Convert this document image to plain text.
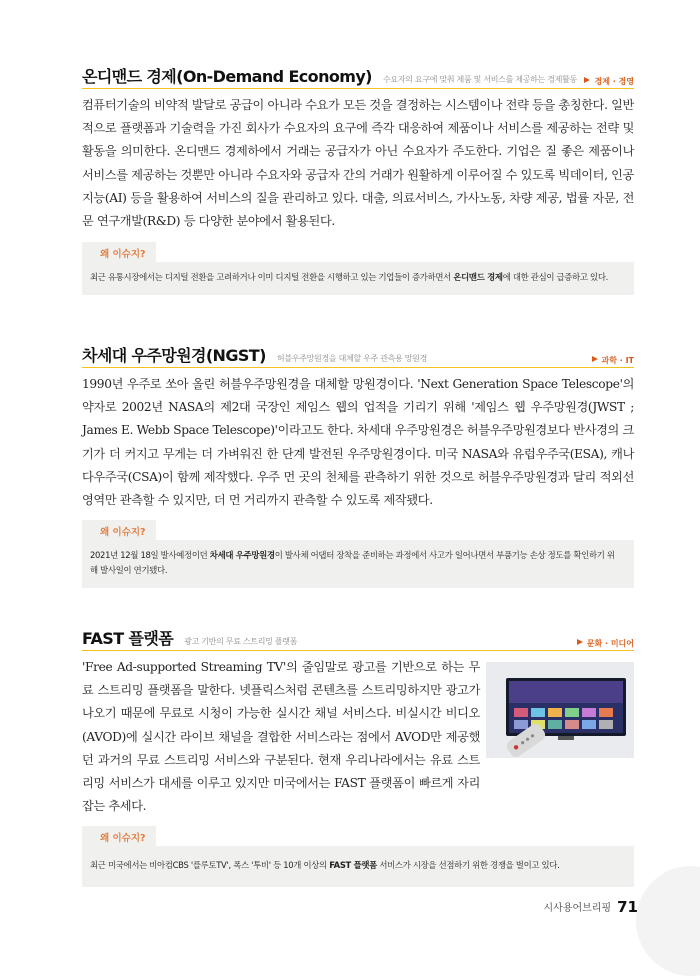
온디맨드 경제(On-Demand Economy) 수요자의 요구에 맞춰 제품 및 서비스를 제공하는 경제활동	경제 · 경영
컴퓨터기술의 비약적 발달로 공급이 아니라 수요가 모든 것을 결정하는 시스템이나 전략 등을 총칭한다. 일반적으로 플랫폼과 기술력을 가진 회사가 수요자의 요구에 즉각 대응하여 제품이나 서비스를 제공하는 전략 및 활동을 의미한다. 온디맨드 경제하에서 거래는 공급자가 아닌 수요자가 주도한다. 기업은 질 좋은 제품이나 서비스를 제공하는 것뿐만 아니라 수요자와 공급자 간의 거래가 원활하게 이루어질 수 있도록 빅데이터, 인공지능(AI) 등을 활용하여 서비스의 질을 관리하고 있다. 대출, 의료서비스, 가사노동, 차량 제공, 법률 자문, 전문 연구개발(R&D) 등 다양한 분야에서 활용된다.
왜 이슈지?
최근 유통시장에서는 디지털 전환을 고려하거나 이미 디지털 전환을 시행하고 있는 기업들이 증가하면서 온디맨드 경제에 대한 관심이 급증하고 있다.
차세대 우주망원경(NGST) 허블우주망원경을 대체할 우주 관측용 망원경	과학 · IT
1990년 우주로 쏘아 올린 허블우주망원경을 대체할 망원경이다. 'Next Generation Space Telescope'의 약자로 2002년 NASA의 제2대 국장인 제임스 웹의 업적을 기리기 위해 '제임스 웹 우주망원경(JWST ; James E. Webb Space Telescope)'이라고도 한다. 차세대 우주망원경은 허블우주망원경보다 반사경의 크기가 더 커지고 무게는 더 가벼워진 한 단계 발전된 우주망원경이다. 미국 NASA와 유럽우주국(ESA), 캐나다우주국(CSA)이 함께 제작했다. 우주 먼 곳의 천체를 관측하기 위한 것으로 허블우주망원경과 달리 적외선 영역만 관측할 수 있지만, 더 먼 거리까지 관측할 수 있도록 제작됐다.
왜 이슈지?
2021년 12월 18일 발사예정이던 차세대 우주망원경이 발사체 어댑터 장착을 준비하는 과정에서 사고가 일어나면서 부품기능 손상 정도를 확인하기 위해 발사일이 연기됐다.
FAST 플랫폼 광고 기반의 무료 스트리밍 플랫폼	문화 · 미디어
'Free Ad-supported Streaming TV'의 줄임말로 광고를 기반으로 하는 무료 스트리밍 플랫폼을 말한다. 넷플릭스처럼 콘텐츠를 스트리밍하지만 광고가 나오기 때문에 무료로 시청이 가능한 실시간 채널 서비스다. 비실시간 비디오(AVOD)에 실시간 라이브 채널을 결합한 서비스라는 점에서 AVOD만 제공했던 과거의 무료 스트리밍 서비스와 구분된다. 현재 우리나라에서는 유료 스트리밍 서비스가 대세를 이루고 있지만 미국에서는 FAST 플랫폼이 빠르게 자리잡는 추세다.
왜 이슈지?
최근 미국에서는 비아컴CBS '플루토TV', 폭스 '투비' 등 10개 이상의 FAST 플랫폼 서비스가 시장을 선점하기 위한 경쟁을 벌이고 있다.
시사용어브리핑 71
